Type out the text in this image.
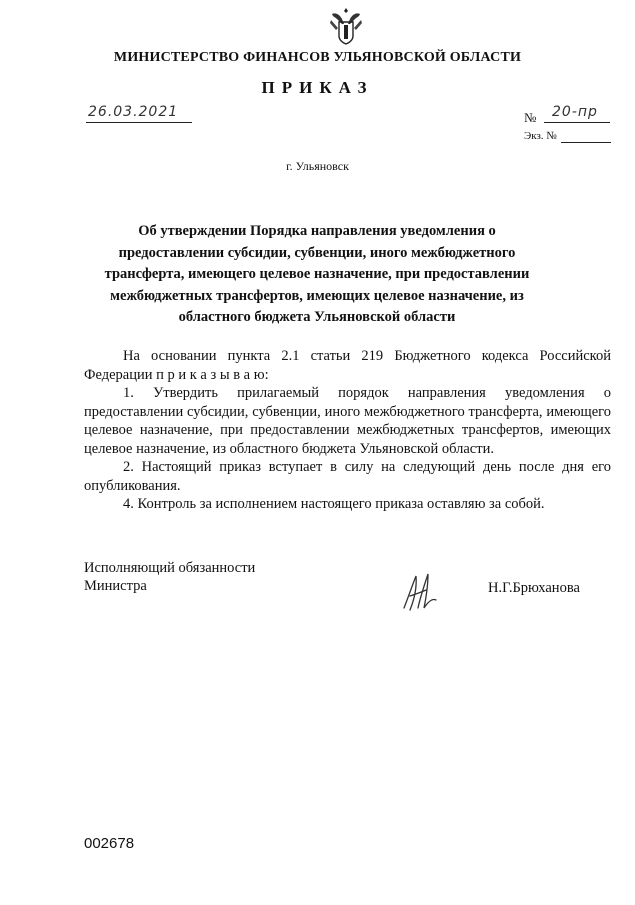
МИНИСТЕРСТВО ФИНАНСОВ УЛЬЯНОВСКОЙ ОБЛАСТИ
ПРИКАЗ
26.03.2021	№ 20-пр
Экз. №
г. Ульяновск
Об утверждении Порядка направления уведомления о предоставлении субсидии, субвенции, иного межбюджетного трансферта, имеющего целевое назначение, при предоставлении межбюджетных трансфертов, имеющих целевое назначение, из областного бюджета Ульяновской области

На основании пункта 2.1 статьи 219 Бюджетного кодекса Российской Федерации п р и к а з ы в а ю:

1. Утвердить прилагаемый порядок направления уведомления о предоставлении субсидии, субвенции, иного межбюджетного трансферта, имеющего целевое назначение, при предоставлении межбюджетных трансфертов, имеющих целевое назначение, из областного бюджета Ульяновской области.

2. Настоящий приказ вступает в силу на следующий день после дня его опубликования.

4. Контроль за исполнением настоящего приказа оставляю за собой.

Исполняющий обязанности
Министра	Н.Г.Брюханова
002678
